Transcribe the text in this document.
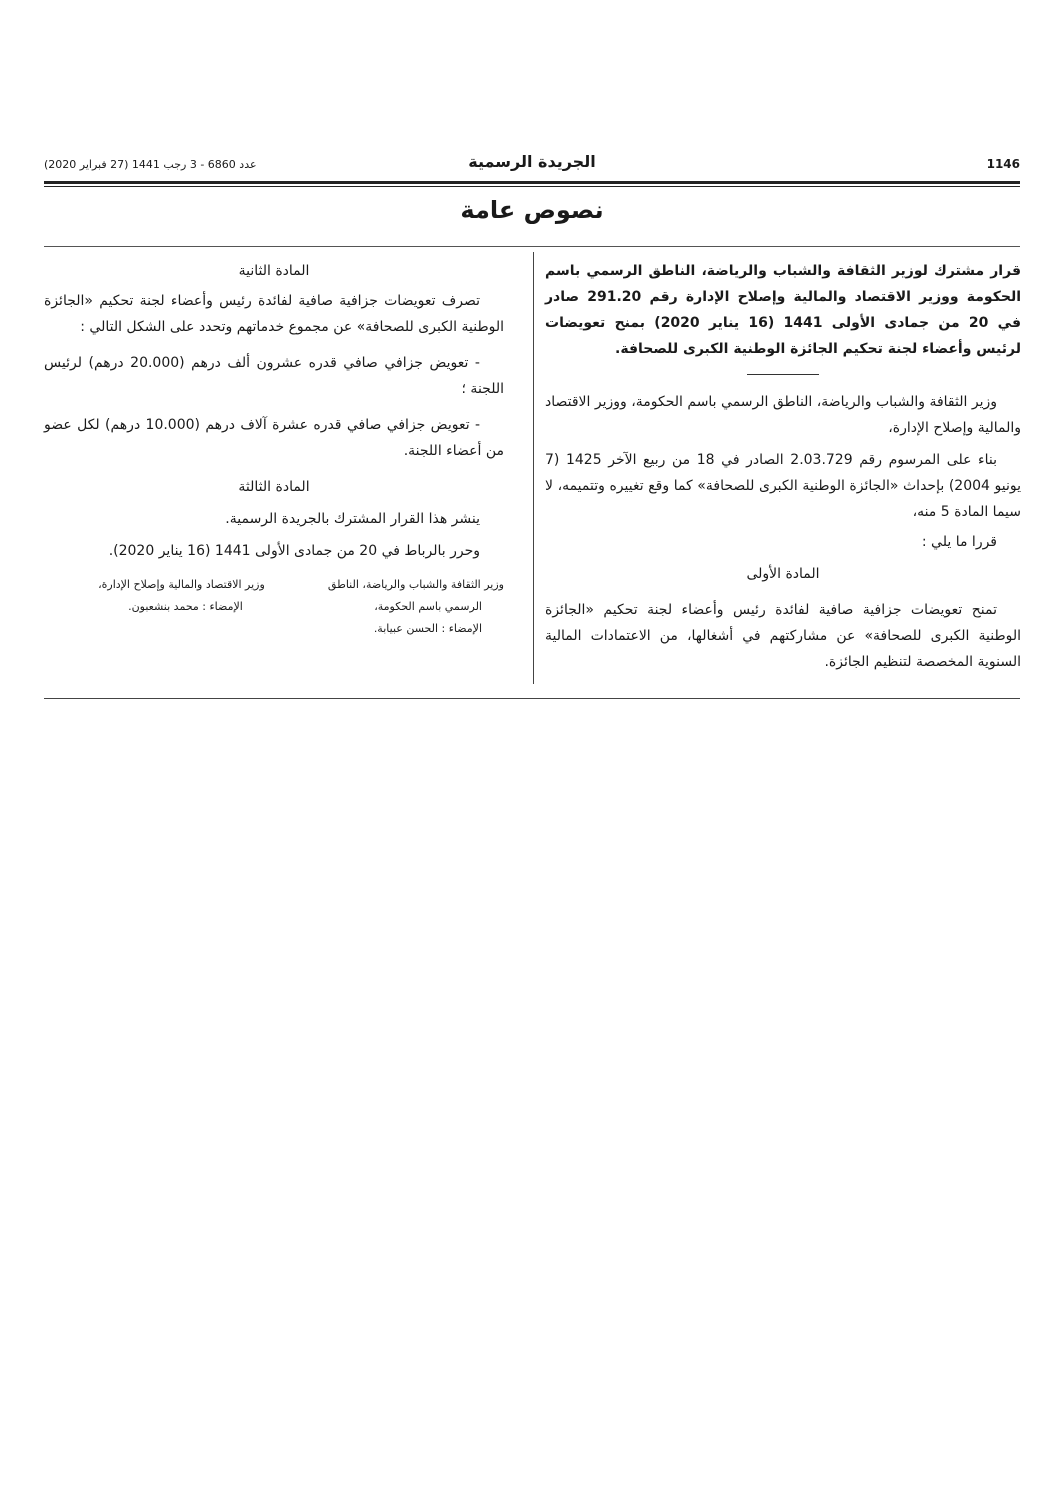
1146
الجريدة الرسمية
عدد 6860 - 3 رجب 1441 (27 فبراير 2020)
نصوص عامة

قرار مشترك لوزير الثقافة والشباب والرياضة، الناطق الرسمي باسم الحكومة ووزير الاقتصاد والمالية وإصلاح الإدارة رقم 291.20 صادر في 20 من جمادى الأولى 1441 (16 يناير 2020) بمنح تعويضات لرئيس وأعضاء لجنة تحكيم الجائزة الوطنية الكبرى للصحافة.

وزير الثقافة والشباب والرياضة، الناطق الرسمي باسم الحكومة، ووزير الاقتصاد والمالية وإصلاح الإدارة،

بناء على المرسوم رقم 2.03.729 الصادر في 18 من ربيع الآخر 1425 (7 يونيو 2004) بإحداث «الجائزة الوطنية الكبرى للصحافة» كما وقع تغييره وتتميمه، لا سيما المادة 5 منه،

قررا ما يلي :

المادة الأولى

تمنح تعويضات جزافية صافية لفائدة رئيس وأعضاء لجنة تحكيم «الجائزة الوطنية الكبرى للصحافة» عن مشاركتهم في أشغالها، من الاعتمادات المالية السنوية المخصصة لتنظيم الجائزة.

المادة الثانية

تصرف تعويضات جزافية صافية لفائدة رئيس وأعضاء لجنة تحكيم «الجائزة الوطنية الكبرى للصحافة» عن مجموع خدماتهم وتحدد على الشكل التالي :

- تعويض جزافي صافي قدره عشرون ألف درهم (20.000 درهم) لرئيس اللجنة ؛

- تعويض جزافي صافي قدره عشرة آلاف درهم (10.000 درهم) لكل عضو من أعضاء اللجنة.

المادة الثالثة

ينشر هذا القرار المشترك بالجريدة الرسمية.

وحرر بالرباط في 20 من جمادى الأولى 1441 (16 يناير 2020).

وزير الثقافة والشباب والرياضة، الناطق

الرسمي باسم الحكومة،

الإمضاء : الحسن عبيابة.

وزير الاقتصاد والمالية وإصلاح الإدارة،

الإمضاء : محمد بنشعبون.
